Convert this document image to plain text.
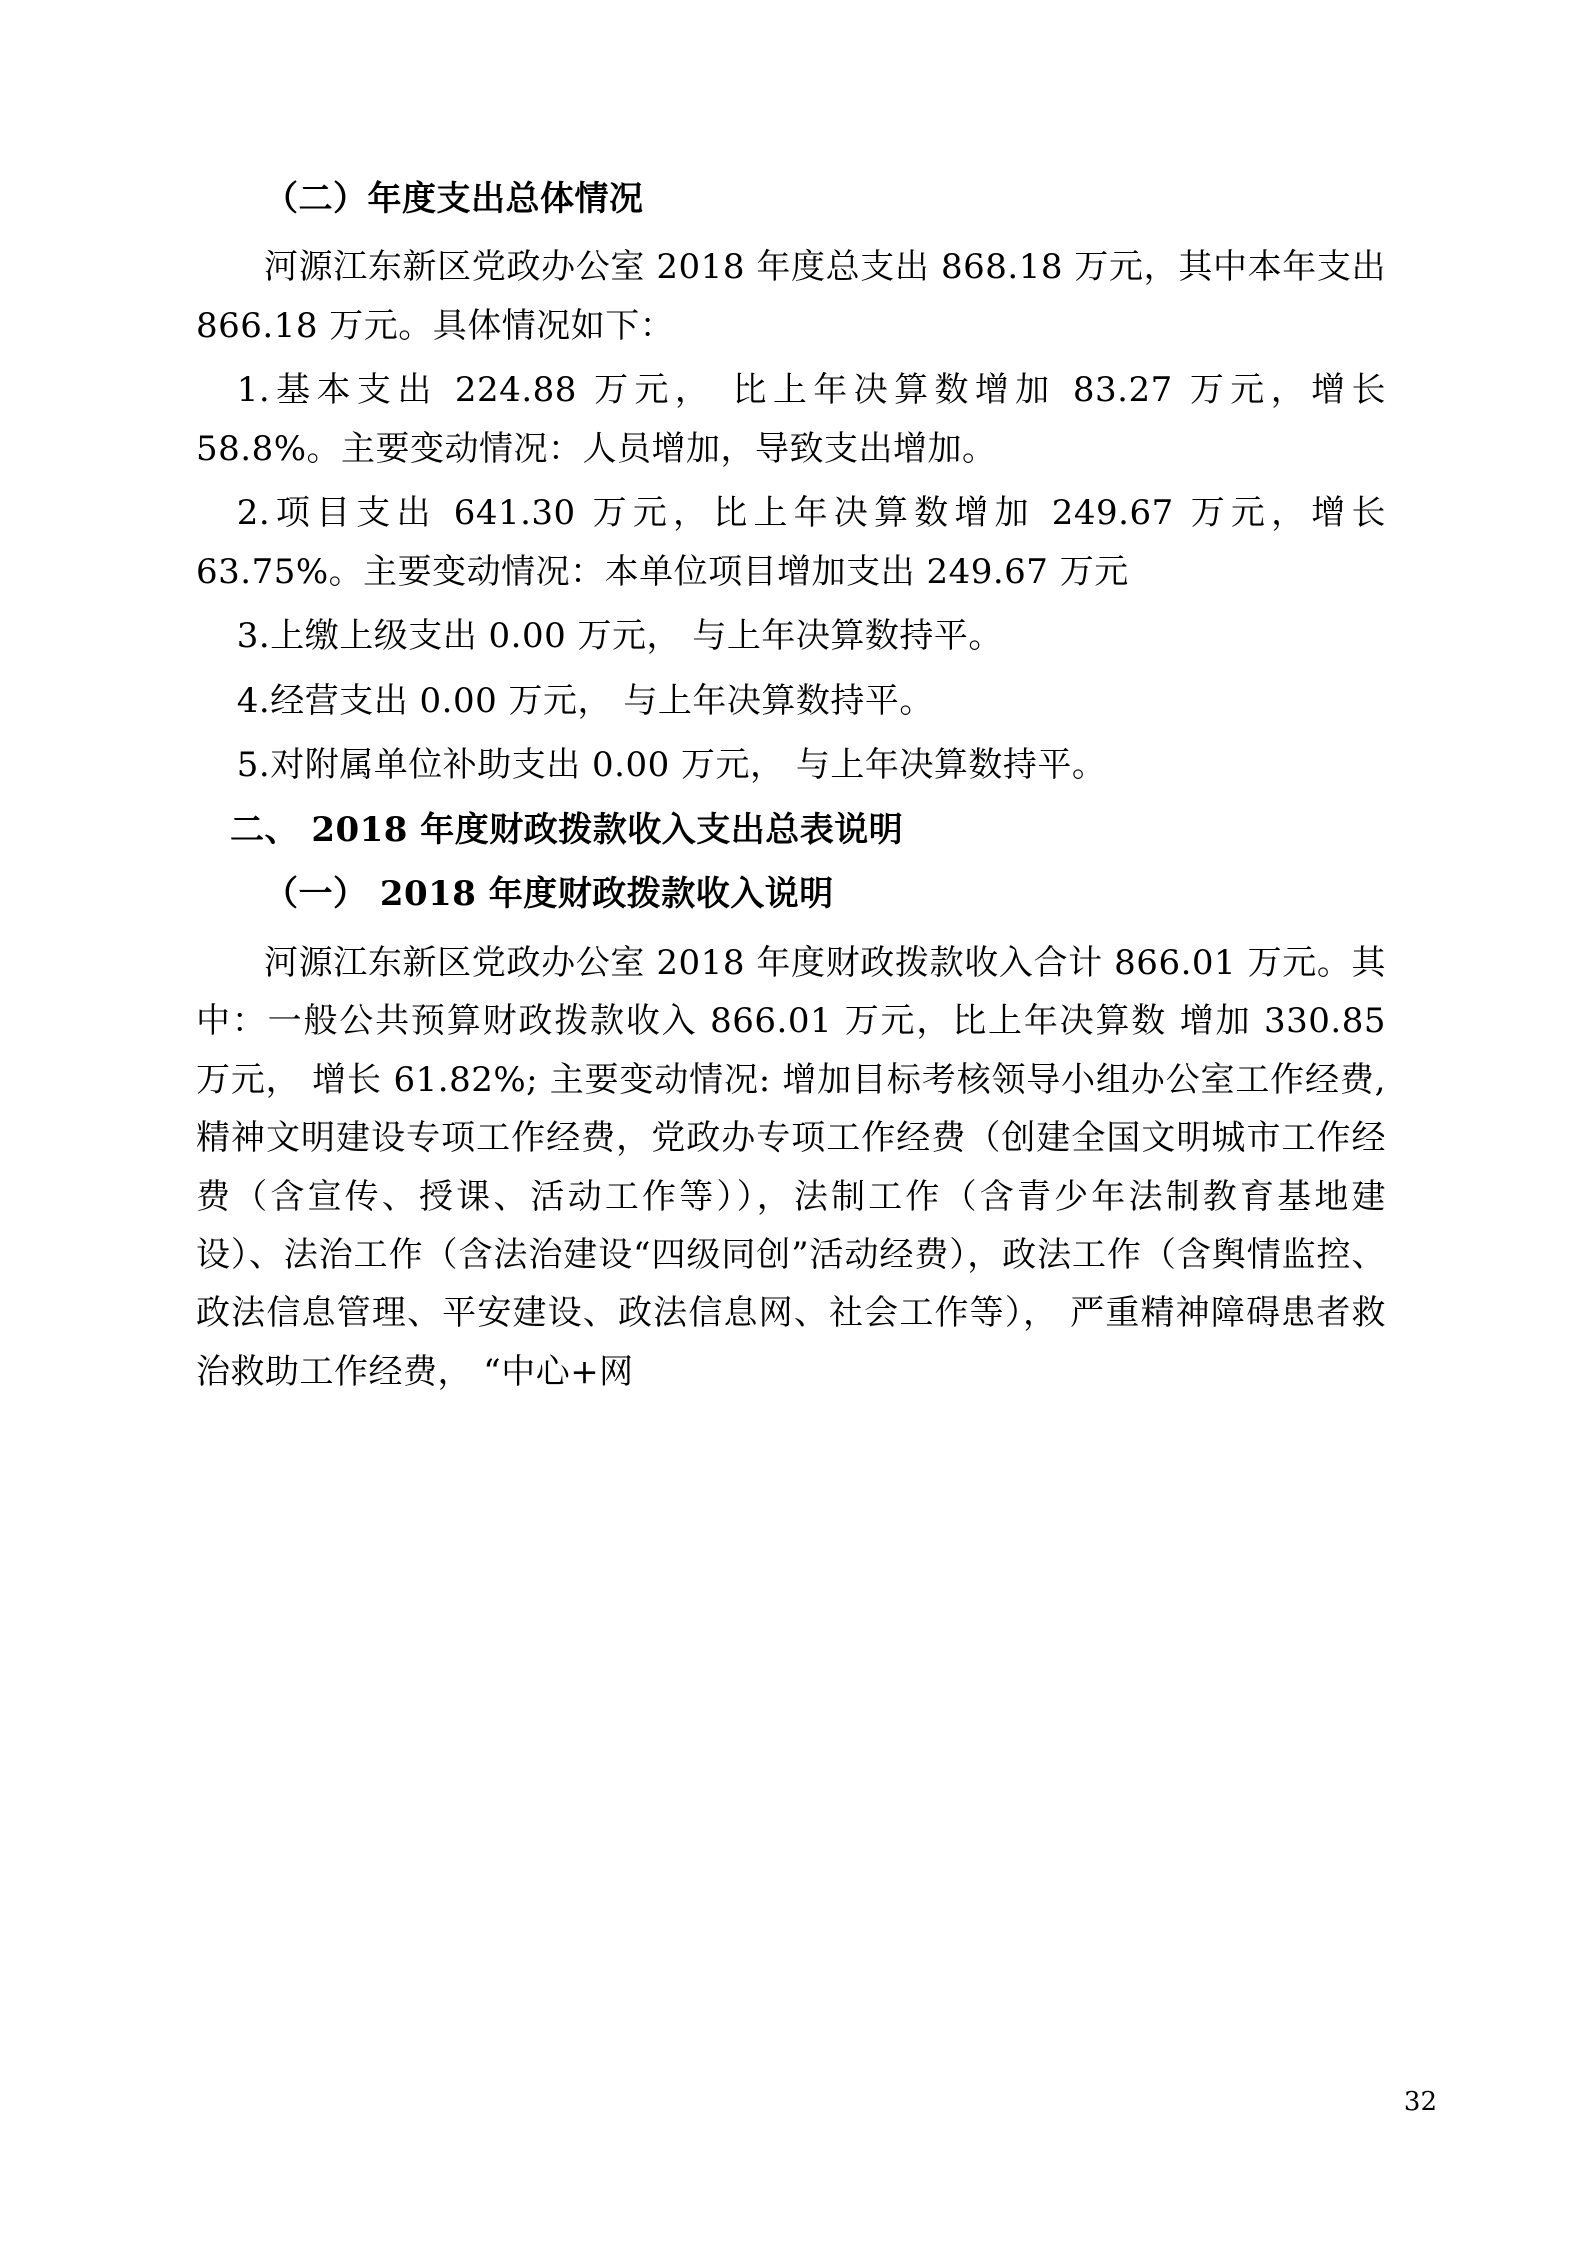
（二）年度支出总体情况

河源江东新区党政办公室 2018 年度总支出 868.18 万元，其中本年支出 866.18 万元。具体情况如下：

1.基本支出 224.88 万元， 比上年决算数增加 83.27 万元，增长 58.8%。主要变动情况：人员增加，导致支出增加。

2.项目支出 641.30 万元，比上年决算数增加 249.67 万元，增长 63.75%。主要变动情况：本单位项目增加支出 249.67 万元

3.上缴上级支出 0.00 万元， 与上年决算数持平。

4.经营支出 0.00 万元， 与上年决算数持平。

5.对附属单位补助支出 0.00 万元， 与上年决算数持平。

二、 2018 年度财政拨款收入支出总表说明

（一） 2018 年度财政拨款收入说明

河源江东新区党政办公室 2018 年度财政拨款收入合计 866.01 万元。其中：一般公共预算财政拨款收入 866.01 万元，比上年决算数 增加 330.85 万元， 增长 61.82%; 主要变动情况: 增加目标考核领导小组办公室工作经费,精神文明建设专项工作经费，党政办专项工作经费（创建全国文明城市工作经费（含宣传、授课、活动工作等）），法制工作（含青少年法制教育基地建设）、法治工作（含法治建设“四级同创”活动经费），政法工作（含舆情监控、政法信息管理、平安建设、政法信息网、社会工作等）， 严重精神障碍患者救治救助工作经费， “中心+网

32
